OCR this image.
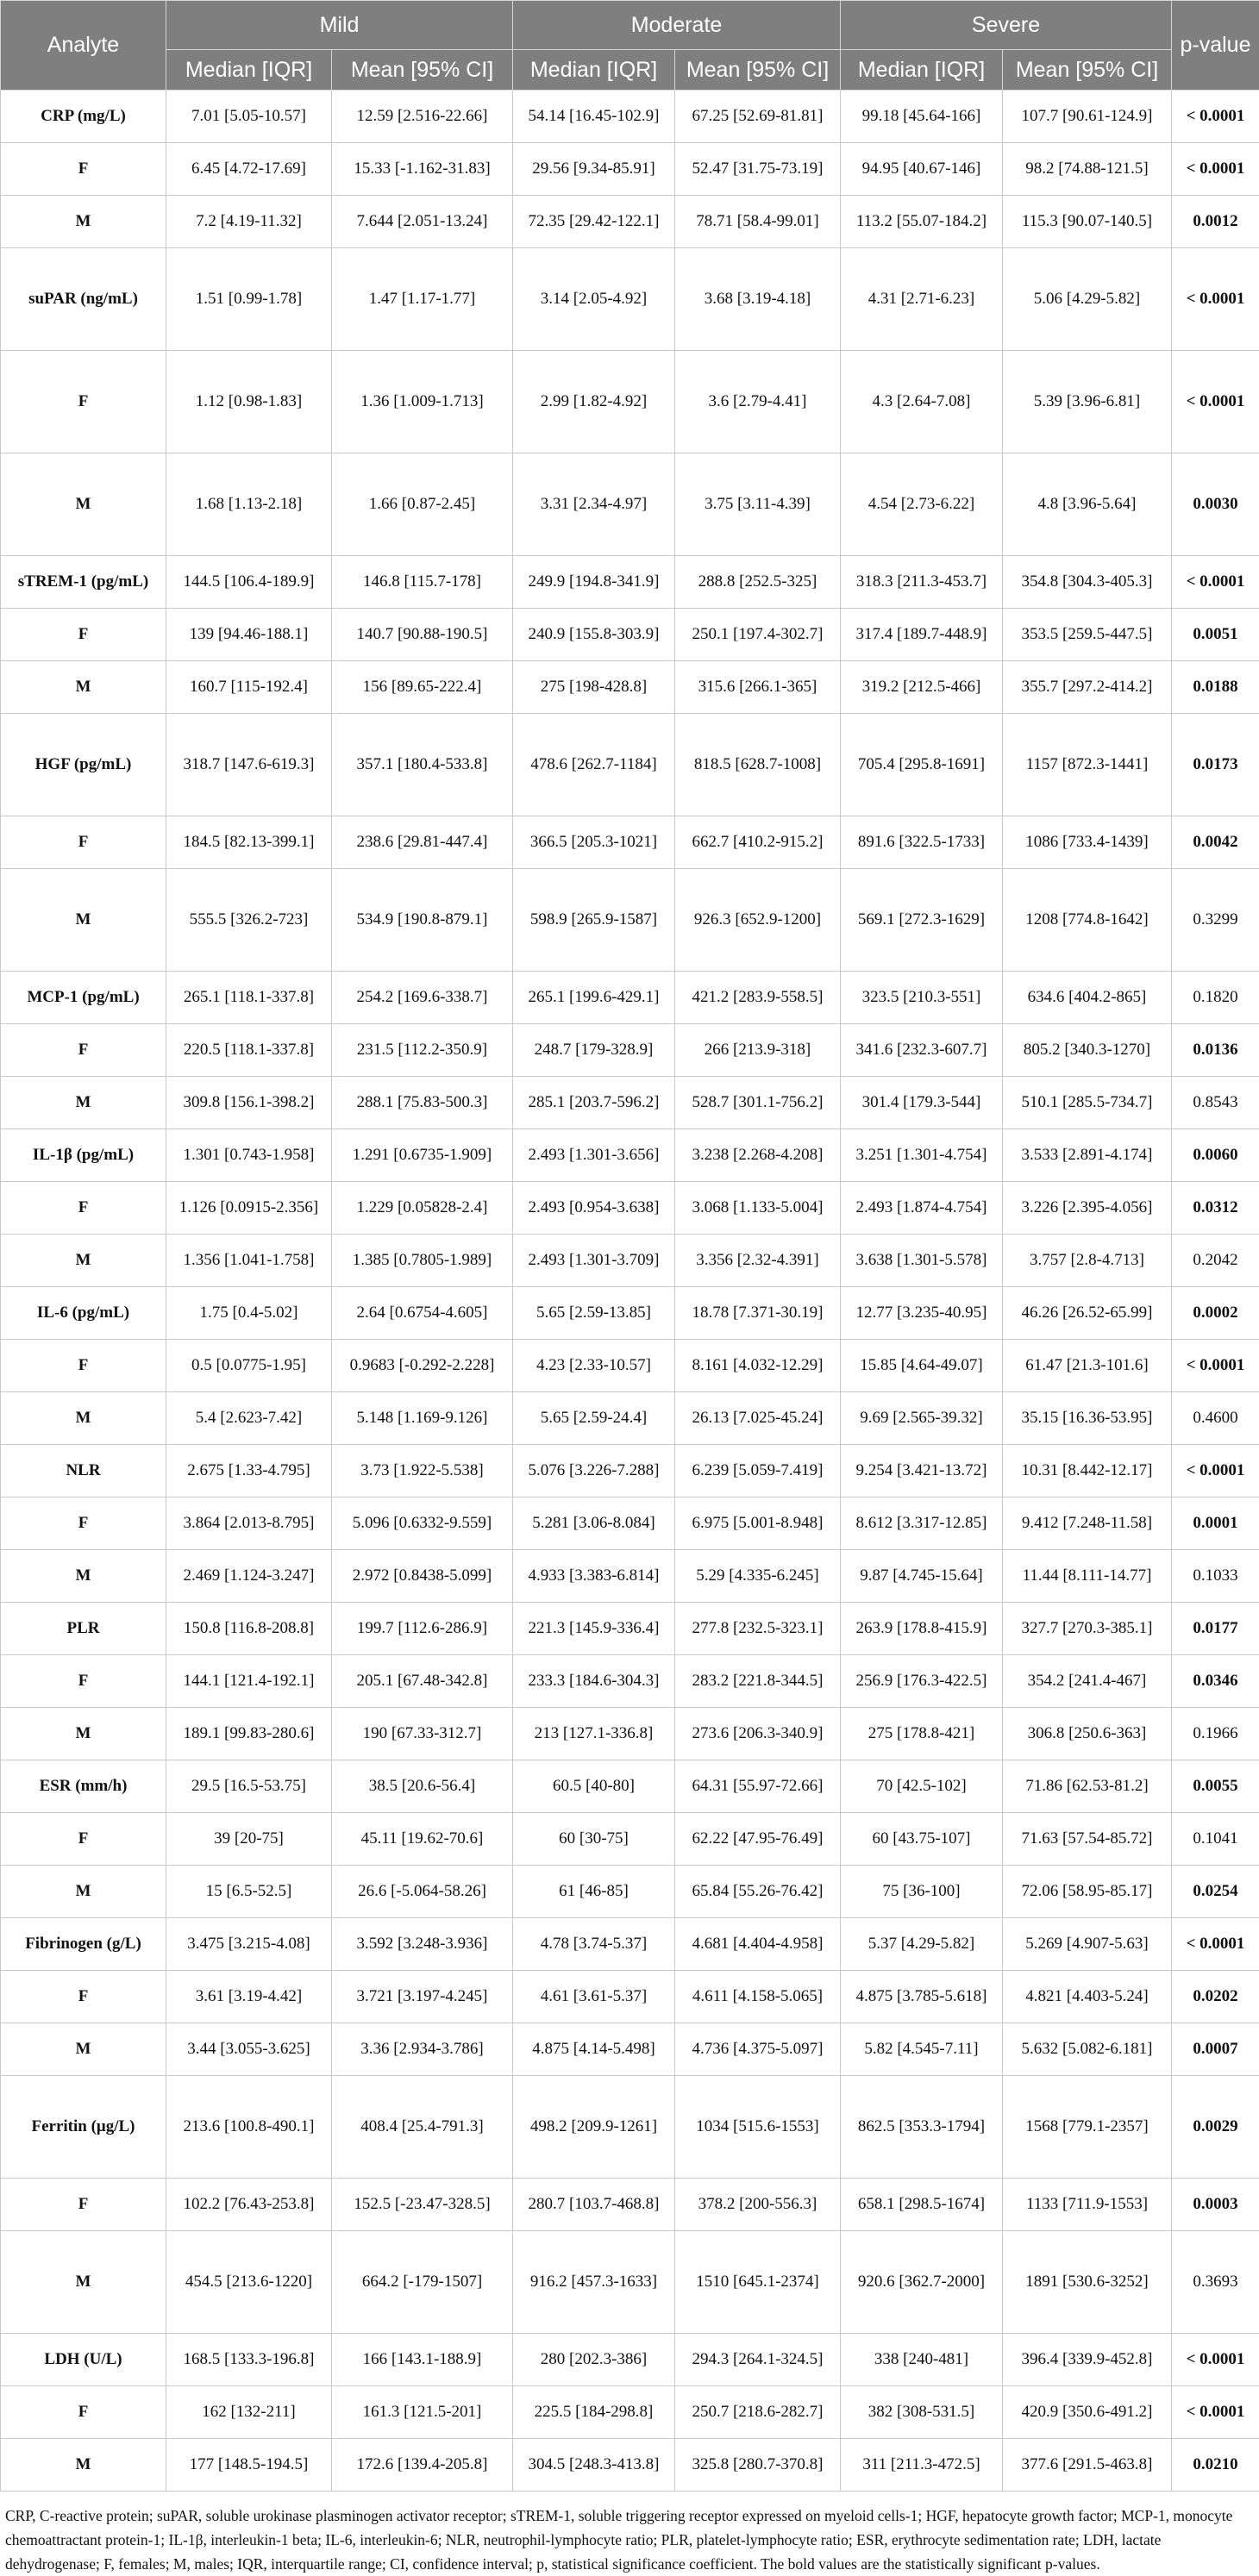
Analyte	Mild		Moderate		Severe		p-value
	Median [IQR]	Mean [95% CI]	Median [IQR]	Mean [95% CI]	Median [IQR]	Mean [95% CI]	
CRP (mg/L)	7.01 [5.05-10.57]	12.59 [2.516-22.66]	54.14 [16.45-102.9]	67.25 [52.69-81.81]	99.18 [45.64-166]	107.7 [90.61-124.9]	< 0.0001
F	6.45 [4.72-17.69]	15.33 [-1.162-31.83]	29.56 [9.34-85.91]	52.47 [31.75-73.19]	94.95 [40.67-146]	98.2 [74.88-121.5]	< 0.0001
M	7.2 [4.19-11.32]	7.644 [2.051-13.24]	72.35 [29.42-122.1]	78.71 [58.4-99.01]	113.2 [55.07-184.2]	115.3 [90.07-140.5]	0.0012
suPAR (ng/mL)	1.51 [0.99-1.78]	1.47 [1.17-1.77]	3.14 [2.05-4.92]	3.68 [3.19-4.18]	4.31 [2.71-6.23]	5.06 [4.29-5.82]	< 0.0001
F	1.12 [0.98-1.83]	1.36 [1.009-1.713]	2.99 [1.82-4.92]	3.6 [2.79-4.41]	4.3 [2.64-7.08]	5.39 [3.96-6.81]	< 0.0001
M	1.68 [1.13-2.18]	1.66 [0.87-2.45]	3.31 [2.34-4.97]	3.75 [3.11-4.39]	4.54 [2.73-6.22]	4.8 [3.96-5.64]	0.0030
sTREM-1 (pg/mL)	144.5 [106.4-189.9]	146.8 [115.7-178]	249.9 [194.8-341.9]	288.8 [252.5-325]	318.3 [211.3-453.7]	354.8 [304.3-405.3]	< 0.0001
F	139 [94.46-188.1]	140.7 [90.88-190.5]	240.9 [155.8-303.9]	250.1 [197.4-302.7]	317.4 [189.7-448.9]	353.5 [259.5-447.5]	0.0051
M	160.7 [115-192.4]	156 [89.65-222.4]	275 [198-428.8]	315.6 [266.1-365]	319.2 [212.5-466]	355.7 [297.2-414.2]	0.0188
HGF (pg/mL)	318.7 [147.6-619.3]	357.1 [180.4-533.8]	478.6 [262.7-1184]	818.5 [628.7-1008]	705.4 [295.8-1691]	1157 [872.3-1441]	0.0173
F	184.5 [82.13-399.1]	238.6 [29.81-447.4]	366.5 [205.3-1021]	662.7 [410.2-915.2]	891.6 [322.5-1733]	1086 [733.4-1439]	0.0042
M	555.5 [326.2-723]	534.9 [190.8-879.1]	598.9 [265.9-1587]	926.3 [652.9-1200]	569.1 [272.3-1629]	1208 [774.8-1642]	0.3299
MCP-1 (pg/mL)	265.1 [118.1-337.8]	254.2 [169.6-338.7]	265.1 [199.6-429.1]	421.2 [283.9-558.5]	323.5 [210.3-551]	634.6 [404.2-865]	0.1820
F	220.5 [118.1-337.8]	231.5 [112.2-350.9]	248.7 [179-328.9]	266 [213.9-318]	341.6 [232.3-607.7]	805.2 [340.3-1270]	0.0136
M	309.8 [156.1-398.2]	288.1 [75.83-500.3]	285.1 [203.7-596.2]	528.7 [301.1-756.2]	301.4 [179.3-544]	510.1 [285.5-734.7]	0.8543
IL-1β (pg/mL)	1.301 [0.743-1.958]	1.291 [0.6735-1.909]	2.493 [1.301-3.656]	3.238 [2.268-4.208]	3.251 [1.301-4.754]	3.533 [2.891-4.174]	0.0060
F	1.126 [0.0915-2.356]	1.229 [0.05828-2.4]	2.493 [0.954-3.638]	3.068 [1.133-5.004]	2.493 [1.874-4.754]	3.226 [2.395-4.056]	0.0312
M	1.356 [1.041-1.758]	1.385 [0.7805-1.989]	2.493 [1.301-3.709]	3.356 [2.32-4.391]	3.638 [1.301-5.578]	3.757 [2.8-4.713]	0.2042
IL-6 (pg/mL)	1.75 [0.4-5.02]	2.64 [0.6754-4.605]	5.65 [2.59-13.85]	18.78 [7.371-30.19]	12.77 [3.235-40.95]	46.26 [26.52-65.99]	0.0002
F	0.5 [0.0775-1.95]	0.9683 [-0.292-2.228]	4.23 [2.33-10.57]	8.161 [4.032-12.29]	15.85 [4.64-49.07]	61.47 [21.3-101.6]	< 0.0001
M	5.4 [2.623-7.42]	5.148 [1.169-9.126]	5.65 [2.59-24.4]	26.13 [7.025-45.24]	9.69 [2.565-39.32]	35.15 [16.36-53.95]	0.4600
NLR	2.675 [1.33-4.795]	3.73 [1.922-5.538]	5.076 [3.226-7.288]	6.239 [5.059-7.419]	9.254 [3.421-13.72]	10.31 [8.442-12.17]	< 0.0001
F	3.864 [2.013-8.795]	5.096 [0.6332-9.559]	5.281 [3.06-8.084]	6.975 [5.001-8.948]	8.612 [3.317-12.85]	9.412 [7.248-11.58]	0.0001
M	2.469 [1.124-3.247]	2.972 [0.8438-5.099]	4.933 [3.383-6.814]	5.29 [4.335-6.245]	9.87 [4.745-15.64]	11.44 [8.111-14.77]	0.1033
PLR	150.8 [116.8-208.8]	199.7 [112.6-286.9]	221.3 [145.9-336.4]	277.8 [232.5-323.1]	263.9 [178.8-415.9]	327.7 [270.3-385.1]	0.0177
F	144.1 [121.4-192.1]	205.1 [67.48-342.8]	233.3 [184.6-304.3]	283.2 [221.8-344.5]	256.9 [176.3-422.5]	354.2 [241.4-467]	0.0346
M	189.1 [99.83-280.6]	190 [67.33-312.7]	213 [127.1-336.8]	273.6 [206.3-340.9]	275 [178.8-421]	306.8 [250.6-363]	0.1966
ESR (mm/h)	29.5 [16.5-53.75]	38.5 [20.6-56.4]	60.5 [40-80]	64.31 [55.97-72.66]	70 [42.5-102]	71.86 [62.53-81.2]	0.0055
F	39 [20-75]	45.11 [19.62-70.6]	60 [30-75]	62.22 [47.95-76.49]	60 [43.75-107]	71.63 [57.54-85.72]	0.1041
M	15 [6.5-52.5]	26.6 [-5.064-58.26]	61 [46-85]	65.84 [55.26-76.42]	75 [36-100]	72.06 [58.95-85.17]	0.0254
Fibrinogen (g/L)	3.475 [3.215-4.08]	3.592 [3.248-3.936]	4.78 [3.74-5.37]	4.681 [4.404-4.958]	5.37 [4.29-5.82]	5.269 [4.907-5.63]	< 0.0001
F	3.61 [3.19-4.42]	3.721 [3.197-4.245]	4.61 [3.61-5.37]	4.611 [4.158-5.065]	4.875 [3.785-5.618]	4.821 [4.403-5.24]	0.0202
M	3.44 [3.055-3.625]	3.36 [2.934-3.786]	4.875 [4.14-5.498]	4.736 [4.375-5.097]	5.82 [4.545-7.11]	5.632 [5.082-6.181]	0.0007
Ferritin (μg/L)	213.6 [100.8-490.1]	408.4 [25.4-791.3]	498.2 [209.9-1261]	1034 [515.6-1553]	862.5 [353.3-1794]	1568 [779.1-2357]	0.0029
F	102.2 [76.43-253.8]	152.5 [-23.47-328.5]	280.7 [103.7-468.8]	378.2 [200-556.3]	658.1 [298.5-1674]	1133 [711.9-1553]	0.0003
M	454.5 [213.6-1220]	664.2 [-179-1507]	916.2 [457.3-1633]	1510 [645.1-2374]	920.6 [362.7-2000]	1891 [530.6-3252]	0.3693
LDH (U/L)	168.5 [133.3-196.8]	166 [143.1-188.9]	280 [202.3-386]	294.3 [264.1-324.5]	338 [240-481]	396.4 [339.9-452.8]	< 0.0001
F	162 [132-211]	161.3 [121.5-201]	225.5 [184-298.8]	250.7 [218.6-282.7]	382 [308-531.5]	420.9 [350.6-491.2]	< 0.0001
M	177 [148.5-194.5]	172.6 [139.4-205.8]	304.5 [248.3-413.8]	325.8 [280.7-370.8]	311 [211.3-472.5]	377.6 [291.5-463.8]	0.0210
CRP, C-reactive protein; suPAR, soluble urokinase plasminogen activator receptor; sTREM-1, soluble triggering receptor expressed on myeloid cells-1; HGF, hepatocyte growth factor; MCP-1, monocyte chemoattractant protein-1; IL-1β, interleukin-1 beta; IL-6, interleukin-6; NLR, neutrophil-lymphocyte ratio; PLR, platelet-lymphocyte ratio; ESR, erythrocyte sedimentation rate; LDH, lactate dehydrogenase; F, females; M, males; IQR, interquartile range; CI, confidence interval; p, statistical significance coefficient. The bold values are the statistically significant p-values.
